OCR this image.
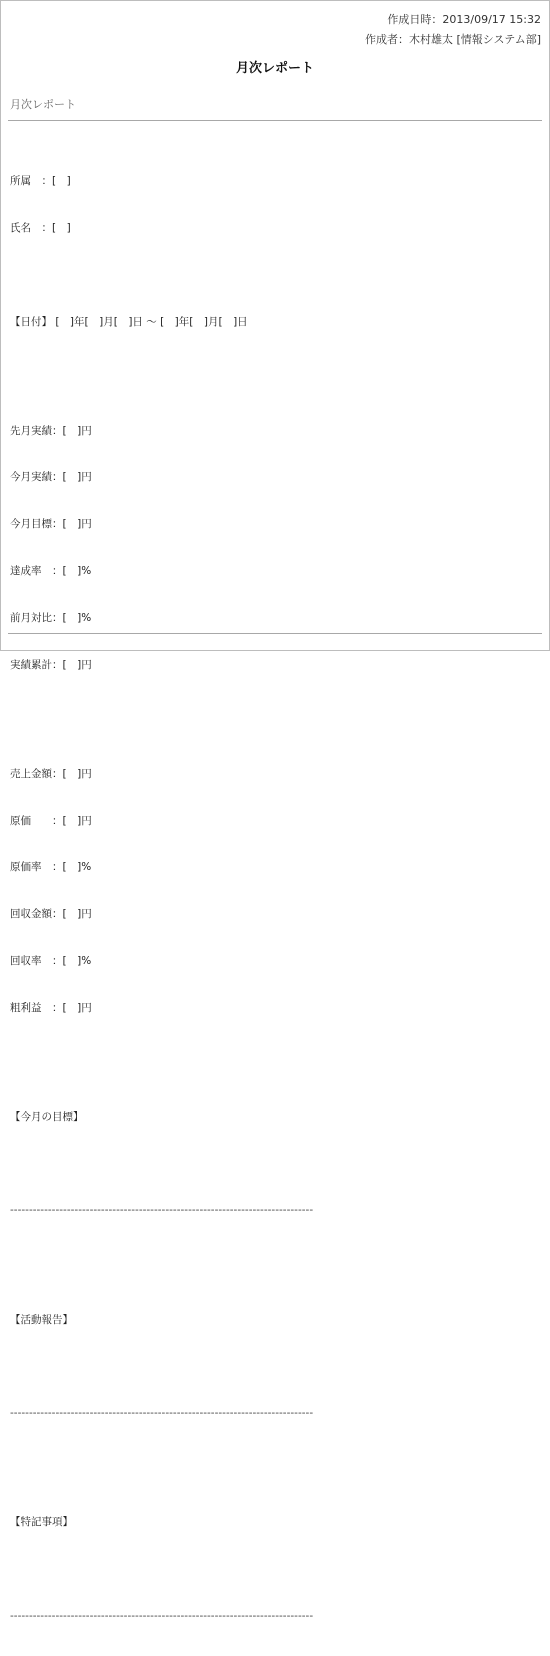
作成日時：2013/09/17 15:32
作成者：木村雄太 [情報システム部]
月次レポート
月次レポート

所属　：[　]

氏名　：[　]

【日付】 [　]年[　]月[　]日 ～ [　]年[　]月[　]日

先月実績：[　]円

今月実績：[　]円

今月目標：[　]円

達成率　：[　]%

前月対比：[　]%

実績累計：[　]円

売上金額：[　]円

原価　　：[　]円

原価率　：[　]%

回収金額：[　]円

回収率　：[　]%

粗利益　：[　]円

【今月の目標】

--------------------------------------------------------------------------------

【活動報告】

--------------------------------------------------------------------------------

【特記事項】

--------------------------------------------------------------------------------
